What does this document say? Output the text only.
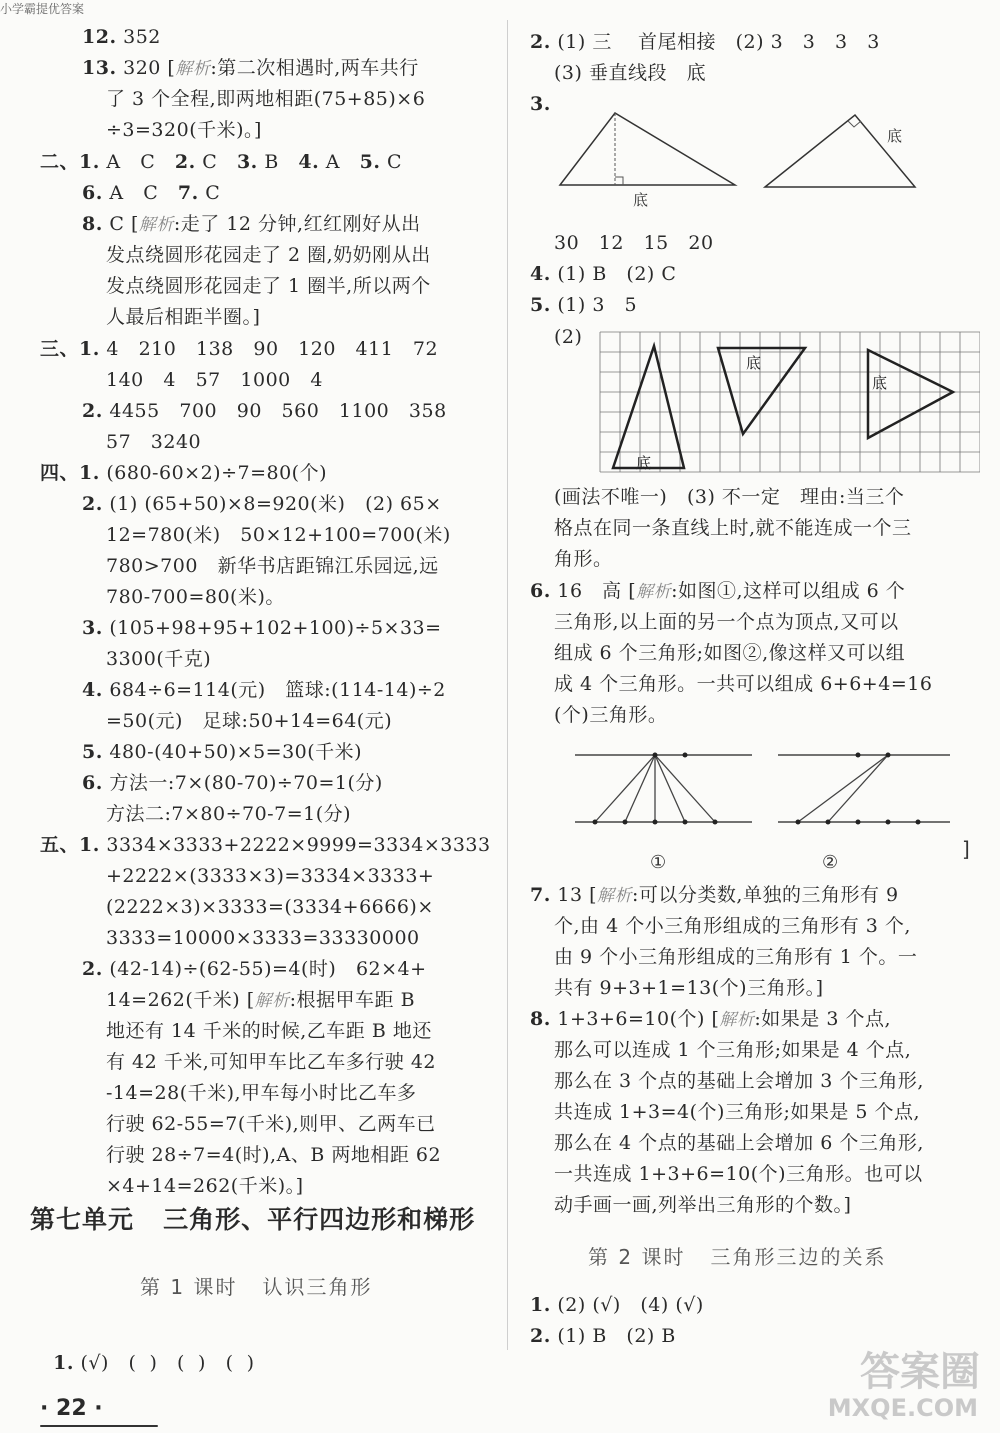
小学霸提优答案
12. 352
13. 320 [解析:第二次相遇时,两车共行
了 3 个全程,即两地相距(75+85)×6
÷3=320(千米)。]
二、1. A   C   2. C   3. B   4. A   5. C
6. A   C   7. C
8. C [解析:走了 12 分钟,红红刚好从出
发点绕圆形花园走了 2 圈,奶奶刚从出
发点绕圆形花园走了 1 圈半,所以两个
人最后相距半圈。]
三、1. 4   210   138   90   120   411   72
140   4   57   1000   4
2. 4455   700   90   560   1100   358
57   3240
四、1. (680-60×2)÷7=80(个)
2. (1) (65+50)×8=920(米)   (2) 65×
12=780(米)   50×12+100=700(米)
780>700   新华书店距锦江乐园远,远
780-700=80(米)。
3. (105+98+95+102+100)÷5×33=
3300(千克)
4. 684÷6=114(元)   篮球:(114-14)÷2
=50(元)   足球:50+14=64(元)
5. 480-(40+50)×5=30(千米)
6. 方法一:7×(80-70)÷70=1(分)
方法二:7×80÷70-7=1(分)
五、1. 3334×3333+2222×9999=3334×3333
+2222×(3333×3)=3334×3333+
(2222×3)×3333=(3334+6666)×
3333=10000×3333=33330000
2. (42-14)÷(62-55)=4(时)   62×4+
14=262(千米) [解析:根据甲车距 B
地还有 14 千米的时候,乙车距 B 地还
有 42 千米,可知甲车比乙车多行驶 42
-14=28(千米),甲车每小时比乙车多
行驶 62-55=7(千米),则甲、乙两车已
行驶 28÷7=4(时),A、B 两地相距 62
×4+14=262(千米)。]
2. (1) 三    首尾相接   (2) 3   3   3   3
(3) 垂直线段   底
3.
30   12   15   20
4. (1) B   (2) C
5. (1) 3   5
(2)
(画法不唯一)   (3) 不一定   理由:当三个
格点在同一条直线上时,就不能连成一个三
角形。
6. 16   高 [解析:如图①,这样可以组成 6 个
三角形,以上面的另一个点为顶点,又可以
组成 6 个三角形;如图②,像这样又可以组
成 4 个三角形。一共可以组成 6+6+4=16
(个)三角形。
7. 13 [解析:可以分类数,单独的三角形有 9
个,由 4 个小三角形组成的三角形有 3 个,
由 9 个小三角形组成的三角形有 1 个。一
共有 9+3+1=13(个)三角形。]
8. 1+3+6=10(个) [解析:如果是 3 个点,
那么可以连成 1 个三角形;如果是 4 个点,
那么在 3 个点的基础上会增加 3 个三角形,
共连成 1+3=4(个)三角形;如果是 5 个点,
那么在 4 个点的基础上会增加 6 个三角形,
一共连成 1+3+6=10(个)三角形。也可以
动手画一画,列举出三角形的个数。]
1. (2) (√)   (4) (√)
2. (1) B   (2) B
第七单元   三角形、平行四边形和梯形
第 1 课时   认识三角形

1. (√)   (  )   (  )   (  )

第 2 课时   三角形三边的关系
底
底
底
底
底
①	②
]
· 22 ·
答案圈
MXQE.COM
